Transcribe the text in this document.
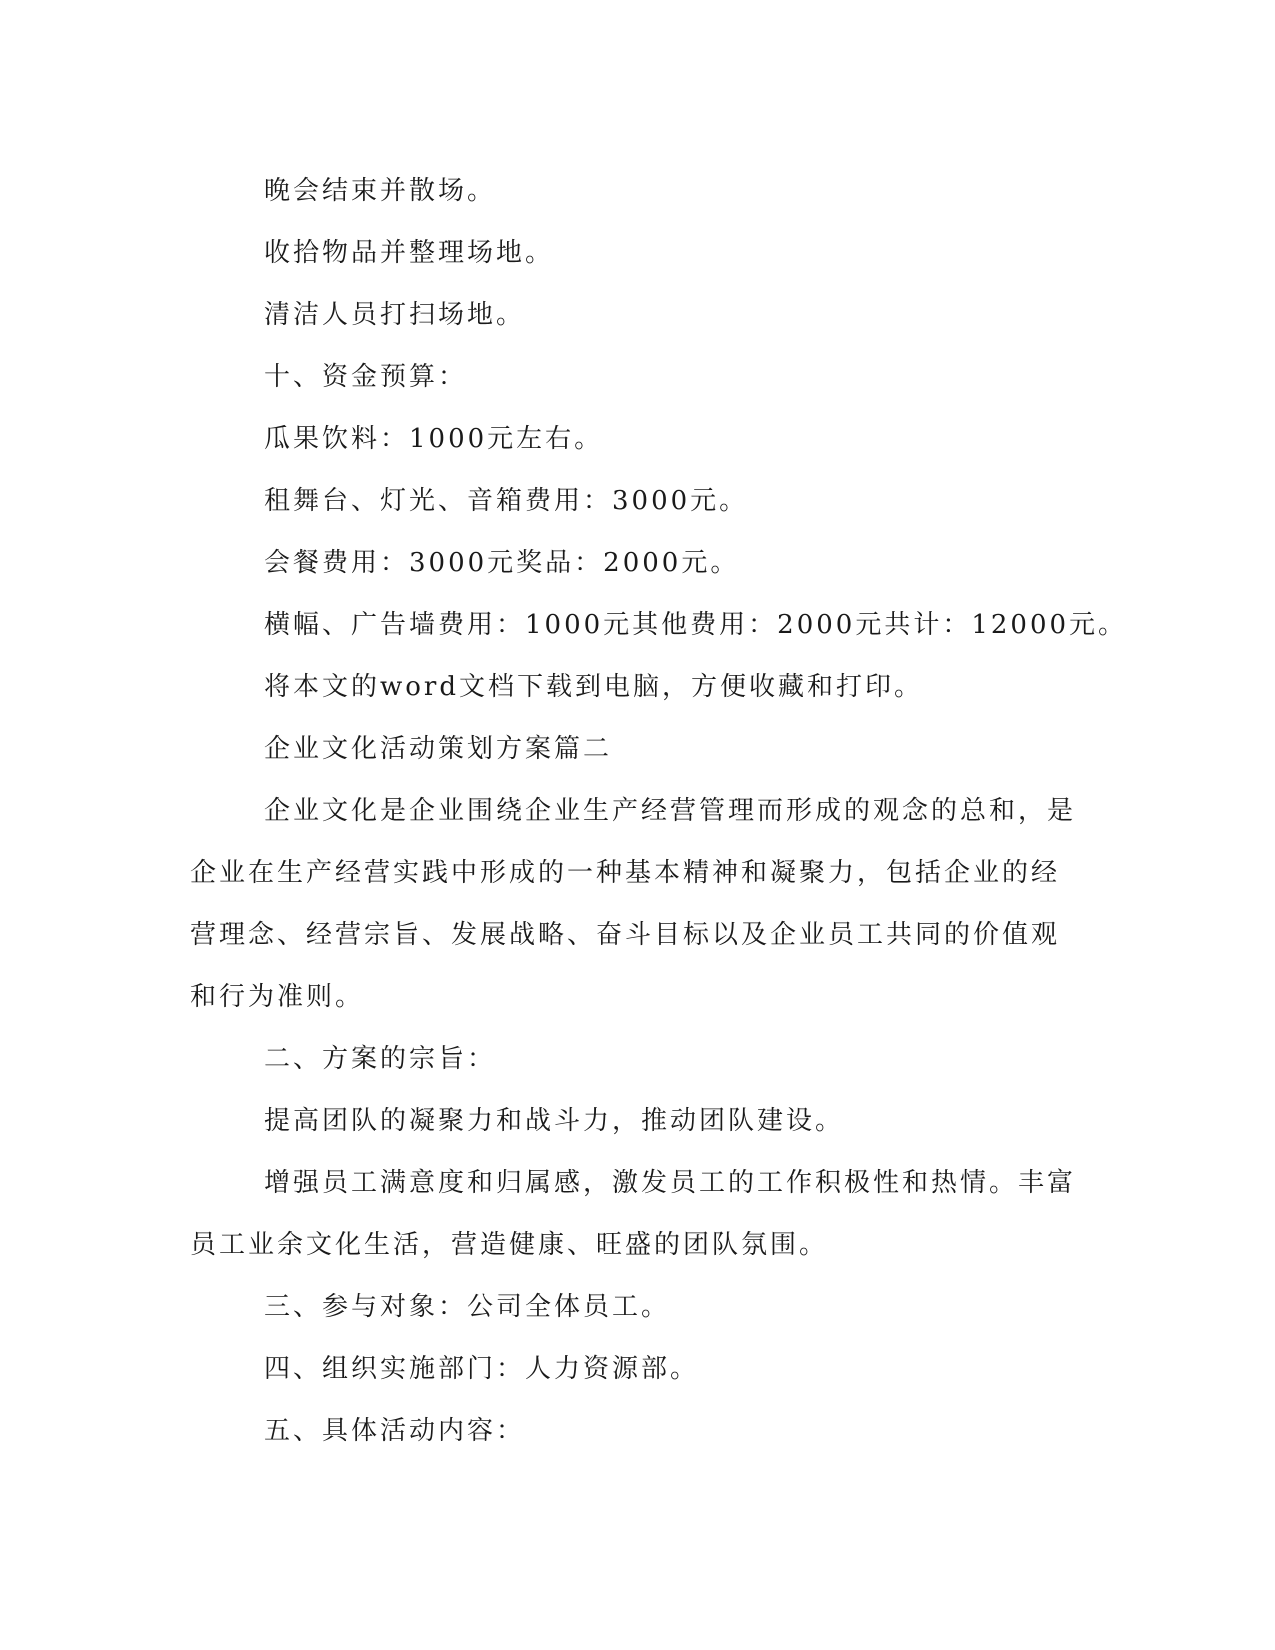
晚会结束并散场。
收拾物品并整理场地。
清洁人员打扫场地。
十、资金预算：
瓜果饮料：1000元左右。
租舞台、灯光、音箱费用：3000元。
会餐费用：3000元奖品：2000元。
横幅、广告墙费用：1000元其他费用：2000元共计：12000元。
将本文的word文档下载到电脑，方便收藏和打印。
企业文化活动策划方案篇二
企业文化是企业围绕企业生产经营管理而形成的观念的总和，是
企业在生产经营实践中形成的一种基本精神和凝聚力，包括企业的经
营理念、经营宗旨、发展战略、奋斗目标以及企业员工共同的价值观
和行为准则。
二、方案的宗旨：
提高团队的凝聚力和战斗力，推动团队建设。
增强员工满意度和归属感，激发员工的工作积极性和热情。丰富
员工业余文化生活，营造健康、旺盛的团队氛围。
三、参与对象：公司全体员工。
四、组织实施部门：人力资源部。
五、具体活动内容：
